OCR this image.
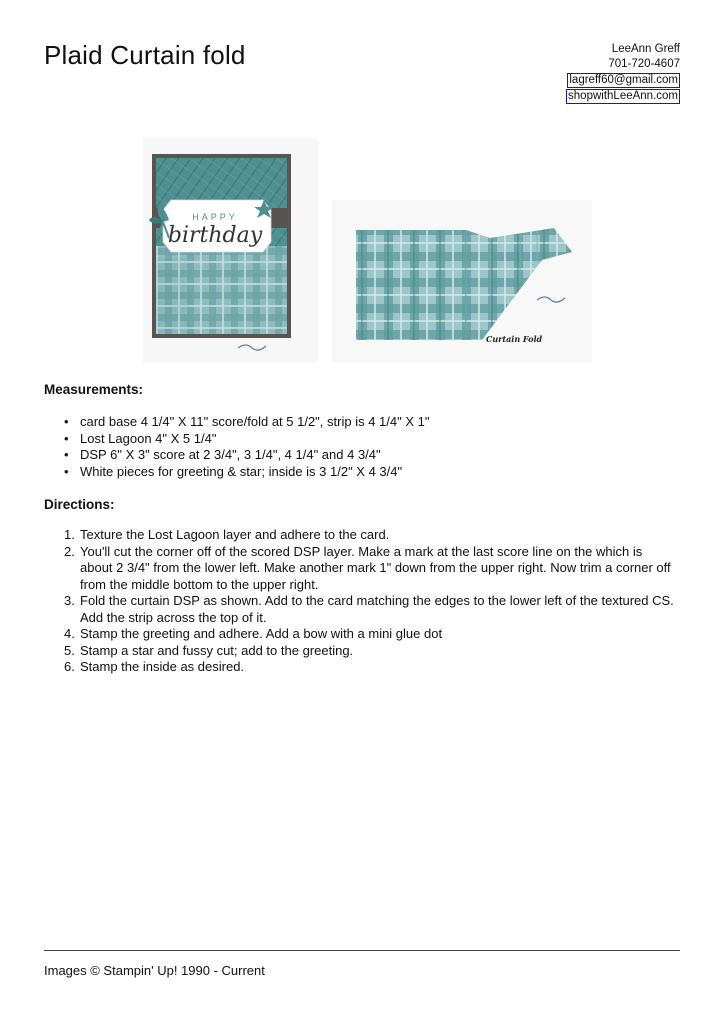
Plaid Curtain fold	LeeAnn Greff
701-720-4607
lagreff60@gmail.com
shopwithLeeAnn.com
HAPPY
birthday
Curtain Fold
Measurements:
• card base 4 1/4" X 11" score/fold at 5 1/2", strip is 4 1/4" X 1"
• Lost Lagoon 4" X 5 1/4"
• DSP 6" X 3" score at 2 3/4", 3 1/4", 4 1/4" and 4 3/4"
• White pieces for greeting & star; inside is 3 1/2" X 4 3/4"
Directions:
1. Texture the Lost Lagoon layer and adhere to the card.
2. You'll cut the corner off of the scored DSP layer. Make a mark at the last score line on the which is about 2 3/4" from the lower left. Make another mark 1" down from the upper right. Now trim a corner off from the middle bottom to the upper right.
3. Fold the curtain DSP as shown. Add to the card matching the edges to the lower left of the textured CS. Add the strip across the top of it.
4. Stamp the greeting and adhere. Add a bow with a mini glue dot
5. Stamp a star and fussy cut; add to the greeting.
6. Stamp the inside as desired.
Images © Stampin' Up! 1990 - Current
